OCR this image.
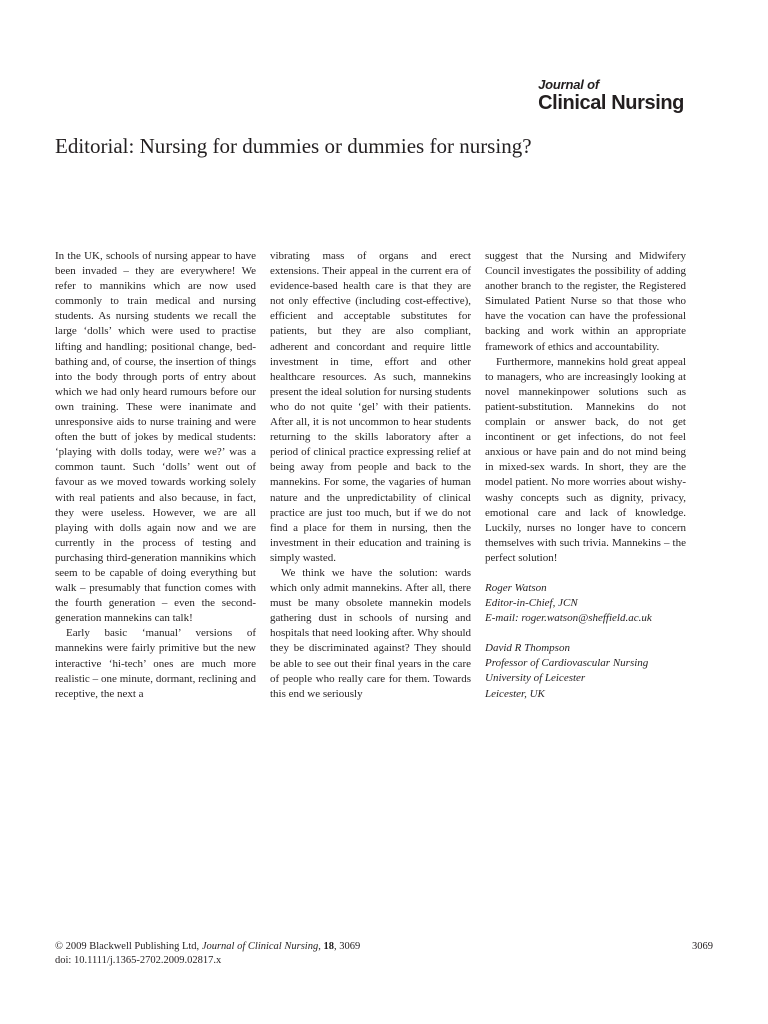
Journal of
Clinical Nursing
Editorial: Nursing for dummies or dummies for nursing?

In the UK, schools of nursing appear to have been invaded – they are everywhere! We refer to mannikins which are now used commonly to train medical and nursing students. As nursing students we recall the large ‘dolls’ which were used to practise lifting and handling; positional change, bed-bathing and, of course, the insertion of things into the body through ports of entry about which we had only heard rumours before our own training. These were inanimate and unresponsive aids to nurse training and were often the butt of jokes by medical students: ‘playing with dolls today, were we?’ was a common taunt. Such ‘dolls’ went out of favour as we moved towards working solely with real patients and also because, in fact, they were useless. However, we are all playing with dolls again now and we are currently in the process of testing and purchasing third-generation mannikins which seem to be capable of doing everything but walk – presumably that function comes with the fourth generation – even the second-generation mannekins can talk!

Early basic ‘manual’ versions of mannekins were fairly primitive but the new interactive ‘hi-tech’ ones are much more realistic – one minute, dormant, reclining and receptive, the next a

vibrating mass of organs and erect extensions. Their appeal in the current era of evidence-based health care is that they are not only effective (including cost-effective), efficient and acceptable substitutes for patients, but they are also compliant, adherent and concordant and require little investment in time, effort and other healthcare resources. As such, mannekins present the ideal solution for nursing students who do not quite ‘gel’ with their patients. After all, it is not uncommon to hear students returning to the skills laboratory after a period of clinical practice expressing relief at being away from people and back to the mannekins. For some, the vagaries of human nature and the unpredictability of clinical practice are just too much, but if we do not find a place for them in nursing, then the investment in their education and training is simply wasted.

We think we have the solution: wards which only admit mannekins. After all, there must be many obsolete mannekin models gathering dust in schools of nursing and hospitals that need looking after. Why should they be discriminated against? They should be able to see out their final years in the care of people who really care for them. Towards this end we seriously

suggest that the Nursing and Midwifery Council investigates the possibility of adding another branch to the register, the Registered Simulated Patient Nurse so that those who have the vocation can have the professional backing and work within an appropriate framework of ethics and accountability.

Furthermore, mannekins hold great appeal to managers, who are increasingly looking at novel mannekinpower solutions such as patient-substitution. Mannekins do not complain or answer back, do not get incontinent or get infections, do not feel anxious or have pain and do not mind being in mixed-sex wards. In short, they are the model patient. No more worries about wishy-washy concepts such as dignity, privacy, emotional care and lack of knowledge. Luckily, nurses no longer have to concern themselves with such trivia. Mannekins – the perfect solution!

Roger Watson
Editor-in-Chief, JCN
E-mail: roger.watson@sheffield.ac.uk
David R Thompson
Professor of Cardiovascular Nursing
University of Leicester
Leicester, UK
© 2009 Blackwell Publishing Ltd, Journal of Clinical Nursing, 18, 3069
doi: 10.1111/j.1365-2702.2009.02817.x
3069
